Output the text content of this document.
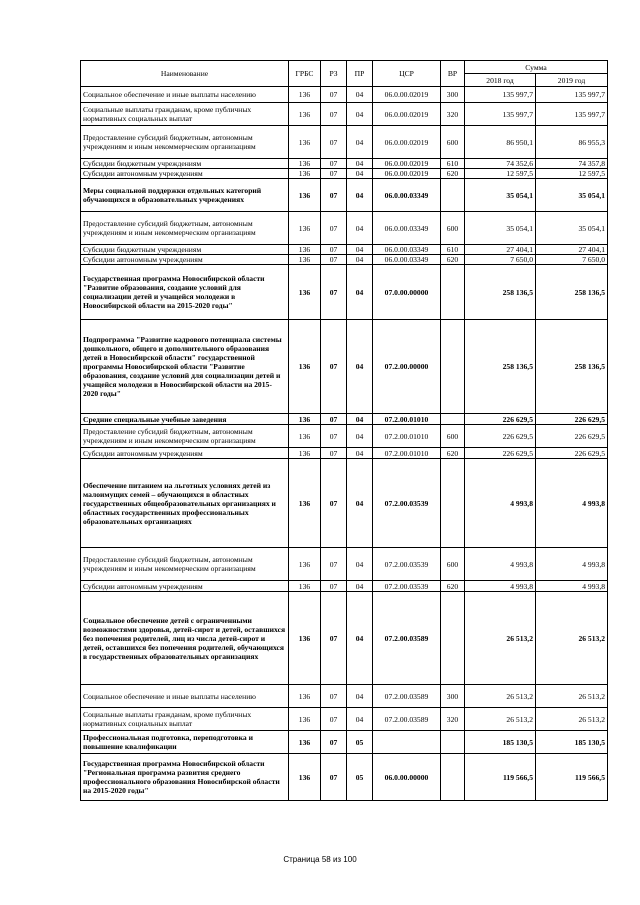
Наименование	ГРБС	РЗ	ПР	ЦСР	ВР	Сумма	
						2018 год	2019 год
Социальное обеспечение и иные выплаты населению	136	07	04	06.0.00.02019	300	135 997,7	135 997,7
Социальные выплаты гражданам, кроме публичных нормативных социальных выплат	136	07	04	06.0.00.02019	320	135 997,7	135 997,7
Предоставление субсидий бюджетным, автономным учреждениям и иным некоммерческим организациям	136	07	04	06.0.00.02019	600	86 950,1	86 955,3
Субсидии бюджетным учреждениям	136	07	04	06.0.00.02019	610	74 352,6	74 357,8
Субсидии автономным учреждениям	136	07	04	06.0.00.02019	620	12 597,5	12 597,5
Меры социальной поддержки отдельных категорий обучающихся в образовательных учреждениях	136	07	04	06.0.00.03349		35 054,1	35 054,1
Предоставление субсидий бюджетным, автономным учреждениям и иным некоммерческим организациям	136	07	04	06.0.00.03349	600	35 054,1	35 054,1
Субсидии бюджетным учреждениям	136	07	04	06.0.00.03349	610	27 404,1	27 404,1
Субсидии автономным учреждениям	136	07	04	06.0.00.03349	620	7 650,0	7 650,0
Государственная программа Новосибирской области "Развитие образования, создание условий для социализации детей и учащейся молодежи в Новосибирской области на 2015-2020 годы"	136	07	04	07.0.00.00000		258 136,5	258 136,5
Подпрограмма "Развитие кадрового потенциала системы дошкольного, общего и дополнительного образования детей в Новосибирской области" государственной программы Новосибирской области "Развитие образования, создание условий для социализации детей и учащейся молодежи в Новосибирской области на 2015-2020 годы"	136	07	04	07.2.00.00000		258 136,5	258 136,5
Средние специальные учебные заведения	136	07	04	07.2.00.01010		226 629,5	226 629,5
Предоставление субсидий бюджетным, автономным учреждениям и иным некоммерческим организациям	136	07	04	07.2.00.01010	600	226 629,5	226 629,5
Субсидии автономным учреждениям	136	07	04	07.2.00.01010	620	226 629,5	226 629,5
Обеспечение питанием на льготных условиях детей из малоимущих семей – обучающихся в областных государственных общеобразовательных организациях и областных государственных профессиональных образовательных организациях	136	07	04	07.2.00.03539		4 993,8	4 993,8
Предоставление субсидий бюджетным, автономным учреждениям и иным некоммерческим организациям	136	07	04	07.2.00.03539	600	4 993,8	4 993,8
Субсидии автономным учреждениям	136	07	04	07.2.00.03539	620	4 993,8	4 993,8
Социальное обеспечение детей с ограниченными возможностями здоровья, детей-сирот и детей, оставшихся без попечения родителей, лиц из числа детей-сирот и детей, оставшихся без попечения родителей, обучающихся в государственных образовательных организациях	136	07	04	07.2.00.03589		26 513,2	26 513,2
Социальное обеспечение и иные выплаты населению	136	07	04	07.2.00.03589	300	26 513,2	26 513,2
Социальные выплаты гражданам, кроме публичных нормативных социальных выплат	136	07	04	07.2.00.03589	320	26 513,2	26 513,2
Профессиональная подготовка, переподготовка и повышение квалификации	136	07	05			185 130,5	185 130,5
Государственная программа Новосибирской области "Региональная программа развития среднего профессионального образования Новосибирской области на 2015-2020 годы"	136	07	05	06.0.00.00000		119 566,5	119 566,5
Страница 58 из 100
